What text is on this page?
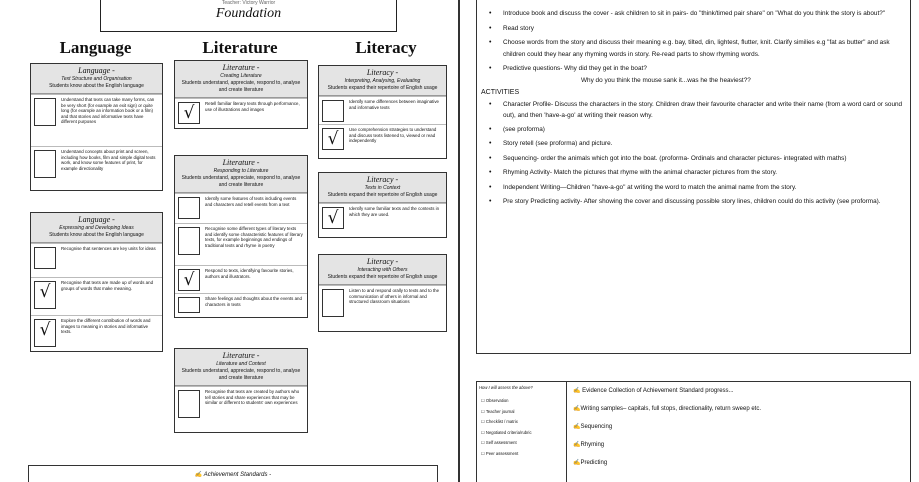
Teacher: Victory Warrior
Foundation
Language	Literature	Literacy
Language -
Text Structure and Organisation
Students know about the English language
Understand that texts can take many forms, can be very short (for example an exit sign) or quite long (for example an information book or a film) and that stories and informative texts have different purposes
Understand concepts about print and screen, including how books, film and simple digital texts work, and know some features of print, for example directionality
Language -
Expressing and Developing Ideas
Students know about the English language
Recognise that sentences are key units for ideas
√	Recognise that texts are made up of words and groups of words that make meaning.
√	Explore the different contribution of words and images to meaning in stories and informative texts.
Literature -
Creating Literature
Students understand, appreciate, respond to, analyse and create literature
√	Retell familiar literary texts through performance, use of illustrations and images
Literature -
Responding to Literature
Students understand, appreciate, respond to, analyse and create literature
Identify some features of texts including events and characters and retell events from a text
Recognise some different types of literary texts and identify some characteristic features of literary texts, for example beginnings and endings of traditional texts and rhyme in poetry
√	Respond to texts, identifying favourite stories, authors and illustrators.
Share feelings and thoughts about the events and characters in texts
Literature -
Literature and Context
Students understand, appreciate, respond to, analyse and create literature
Recognise that texts are created by authors who tell stories and share experiences that may be similar or different to students' own experiences
Literacy -
Interpreting, Analysing, Evaluating
Students expand their repertoire of English usage
Identify some differences between imaginative and informative texts
√	Use comprehension strategies to understand and discuss texts listened to, viewed or read independently
Literacy -
Texts in Context
Students expand their repertoire of English usage
√	Identify some familiar texts and the contexts in which they are used.
Literacy -
Interacting with Others
Students expand their repertoire of English usage
Listen to and respond orally to texts and to the communication of others in informal and structured classroom situations
✍ Achievement Standards -
• Introduce book and discuss the cover - ask children to sit in pairs- do "think/timed pair share" on "What do you think the story is about?"
• Read story
• Choose words from the story and discuss their meaning e.g. bay, tilted, din, lightest, flutter, knit. Clarify similies e.g "fat as butter" and ask children could they hear any rhyming words in story. Re-read parts to show rhyming words.
• Predictive questions- Why did they get in the boat?
Why do you think the mouse sank it...was he the heaviest??
ACTIVITIES
• Character Profile- Discuss the characters in the story. Children draw their favourite character and write their name (from a word card or sound out), and then 'have-a-go' at writing their reason why.
• (see proforma)
• Story retell (see proforma) and picture.
• Sequencing- order the animals which got into the boat. (proforma- Ordinals and character pictures- integrated with maths)
• Rhyming Activity- Match the pictures that rhyme with the animal character pictures from the story.
• Independent Writing—Children "have-a-go" at writing the word to match the animal name from the story.
• Pre story Predicting activity- After showing the cover and discussing possible story lines, children could do this activity (see proforma).
How I will assess the above?
☐ Observation
☐ Teacher journal
☐ Checklist / matrix
☐ Negotiated criteria/rubric
☐ Self assessment
☐ Peer assessment
✍ Evidence Collection of Achievement Standard progress...
✍Writing samples– capitals, full stops, directionality, return sweep etc.
✍Sequencing
✍Rhyming
✍Predicting
